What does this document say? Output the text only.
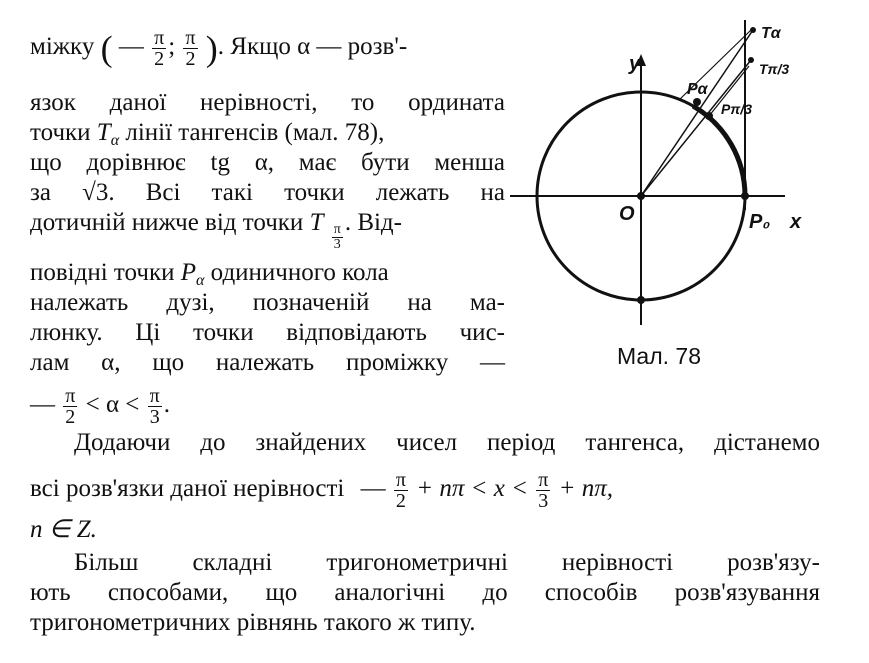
міжку ( — $\frac{\pi}{2}$ ; $\frac{\pi}{2}$ ). Якщо α — розв'-
язок даної нерівності, то ордината
точки $T_\alpha$ лінії тангенсів (мал. 78),
що дорівнює tg α, має бути менша
за √3. Всі такі точки лежать на
дотичній нижче від точки T
$\frac{\pi}{3}$
. Від-
повідні точки $P_\alpha$ одиничного кола
належать дузі, позначеній на ма-
люнку. Ці точки відповідають чис-
лам α, що належать проміжку —
— $\frac{\pi}{2} < \alpha < \frac{\pi}{3}$ .
Додаючи до знайдених чисел період тангенса, дістанемо
всі розв'язки даної нерівності — $\frac{\pi}{2} + n\pi < x < \frac{\pi}{3} + n\pi$,
n ∈ Z.
Більш складні тригонометричні нерівності розв'язу-
ють способами, що аналогічні до способів розв'язування
тригонометричних рівнянь такого ж типу.
y
x
O	P₀
Pα
Pπ/3
Tα
Tπ/3
Мал. 78
